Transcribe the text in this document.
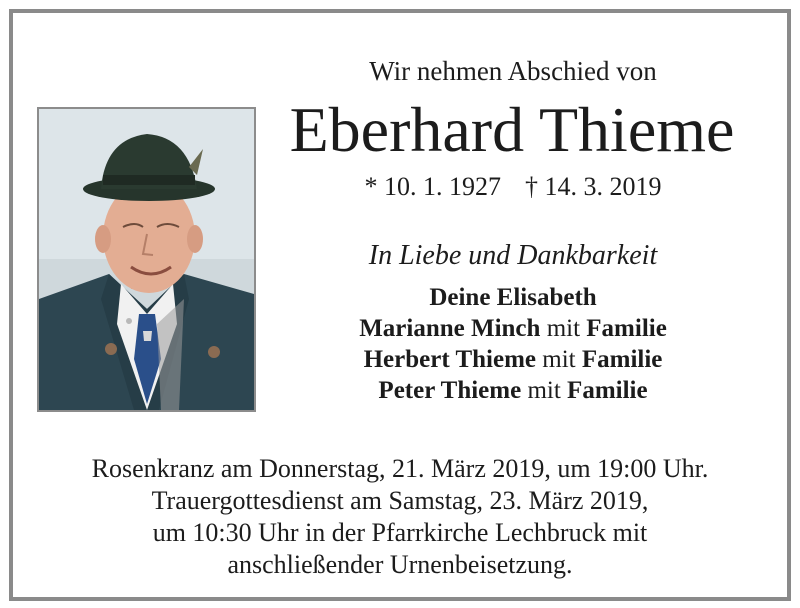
Wir nehmen Abschied von
Eberhard Thieme
* 10. 1. 1927 † 14. 3. 2019
In Liebe und Dankbarkeit
Deine Elisabeth
Marianne Minch mit Familie
Herbert Thieme mit Familie
Peter Thieme mit Familie
Rosenkranz am Donnerstag, 21. März 2019, um 19:00 Uhr.
Trauergottesdienst am Samstag, 23. März 2019,
um 10:30 Uhr in der Pfarrkirche Lechbruck mit
anschließender Urnenbeisetzung.
